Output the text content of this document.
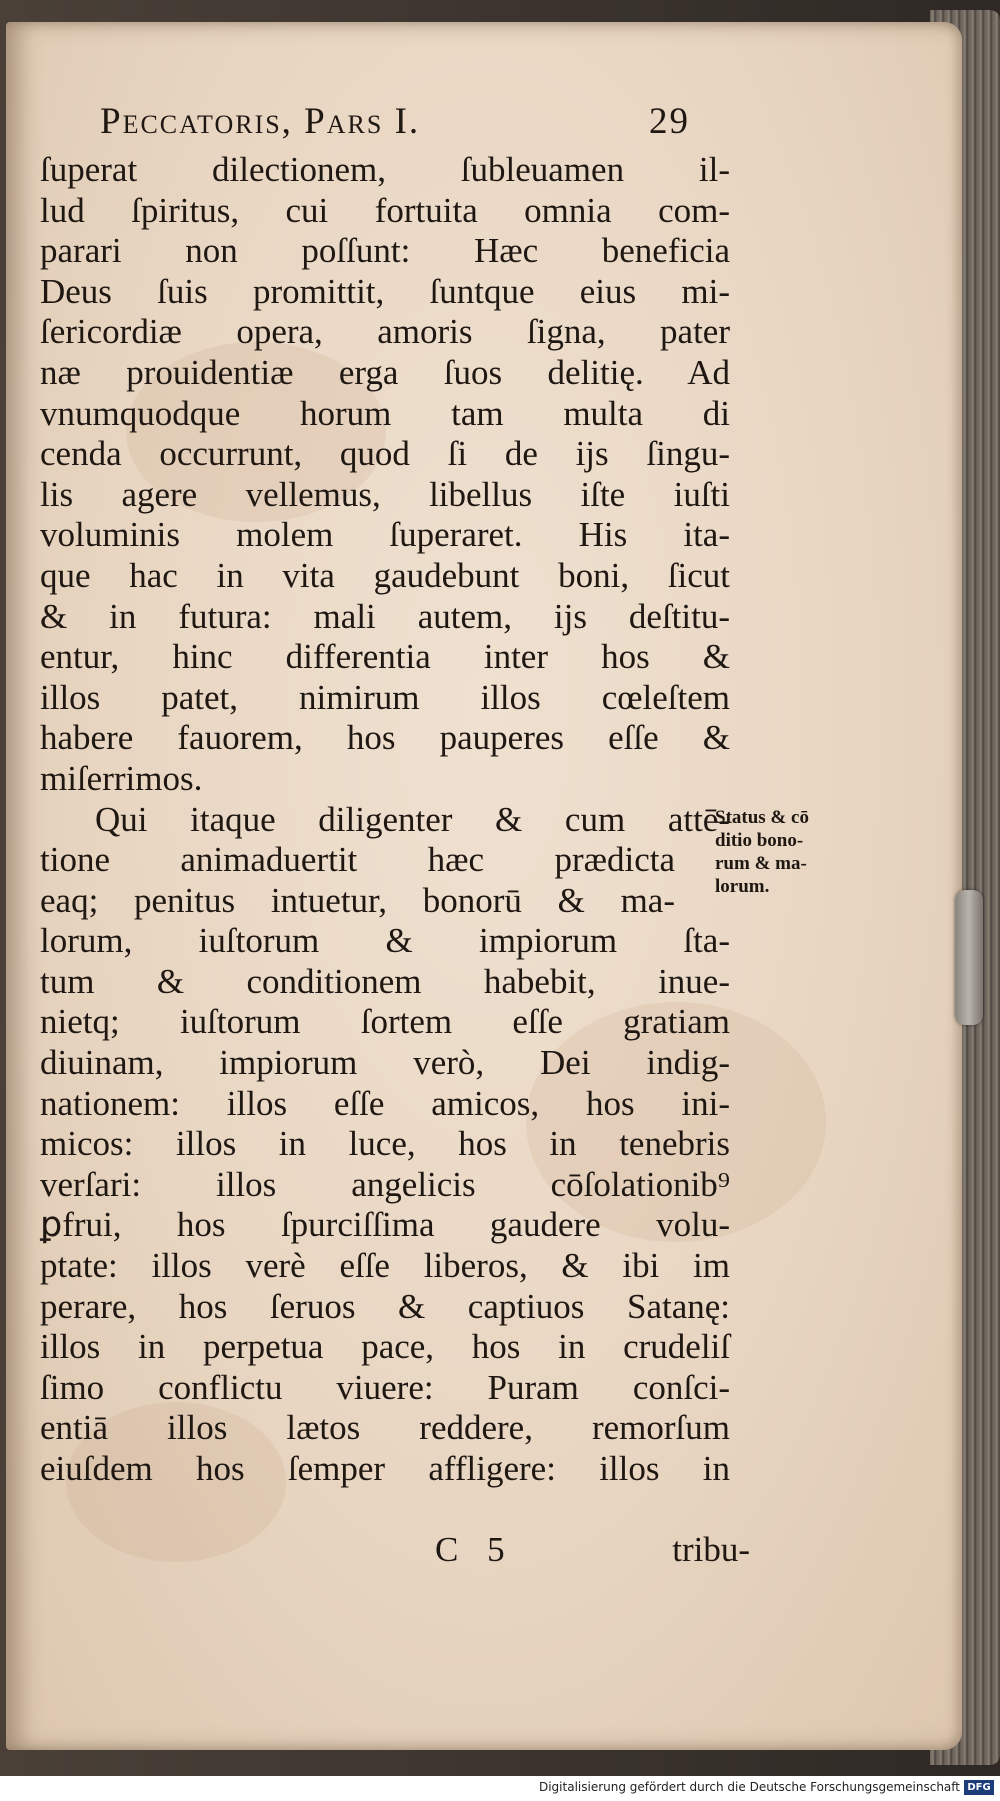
Peccatoris, Pars I.	29
ſuperat dilectionem, ſubleuamen il-
lud ſpiritus, cui fortuita omnia com-
parari non poſſunt: Hæc beneficia
Deus ſuis promittit, ſuntque eius mi-
ſericordiæ opera, amoris ſigna, pater
næ prouidentiæ erga ſuos delitię. Ad
vnumquodque horum tam multa di
cenda occurrunt, quod ſi de ijs ſingu-
lis agere vellemus, libellus iſte iuſti
voluminis molem ſuperaret. His ita-
que hac in vita gaudebunt boni, ſicut
& in futura: mali autem, ijs deſtitu-
entur, hinc differentia inter hos &
illos patet, nimirum illos cœleſtem
habere fauorem, hos pauperes eſſe &
miſerrimos.
Qui itaque diligenter & cum attē-
tione animaduertit hæc prædicta
eaq; penitus intuetur, bonorū & ma-
lorum, iuſtorum & impiorum ſta-
tum & conditionem habebit, inue-
nietq; iuſtorum ſortem eſſe gratiam
diuinam, impiorum verò, Dei indig-
nationem: illos eſſe amicos, hos ini-
micos: illos in luce, hos in tenebris
verſari: illos angelicis cōſolationib⁹
ꝑfrui, hos ſpurciſſima gaudere volu-
ptate: illos verè eſſe liberos, & ibi im
perare, hos ſeruos & captiuos Satanę:
illos in perpetua pace, hos in crudeliſ
ſimo conflictu viuere: Puram conſci-
entiā illos lætos reddere, remorſum
eiuſdem hos ſemper affligere: illos in
Status & cō
ditio bono-
rum & ma-
lorum.
C 5	tribu-
Digitalisierung gefördert durch die Deutsche Forschungsgemeinschaft DFG
